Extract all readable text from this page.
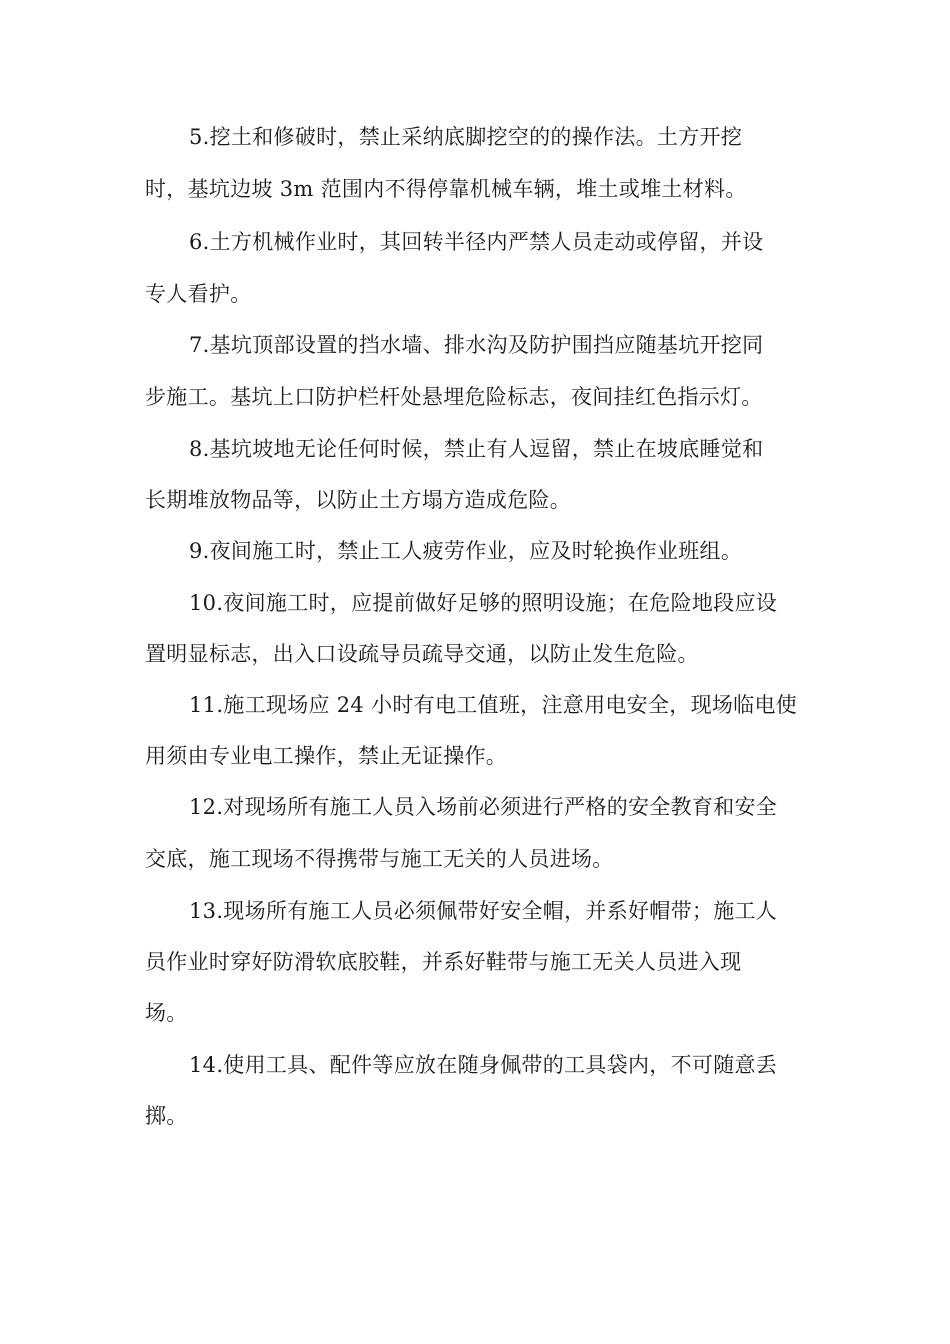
5.挖土和修破时，禁止采纳底脚挖空的的操作法。土方开挖
时，基坑边坡 3m 范围内不得停靠机械车辆，堆土或堆土材料。
6.土方机械作业时，其回转半径内严禁人员走动或停留，并设
专人看护。
7.基坑顶部设置的挡水墙、排水沟及防护围挡应随基坑开挖同
步施工。基坑上口防护栏杆处悬埋危险标志，夜间挂红色指示灯。
8.基坑坡地无论任何时候，禁止有人逗留，禁止在坡底睡觉和
长期堆放物品等，以防止土方塌方造成危险。
9.夜间施工时，禁止工人疲劳作业，应及时轮换作业班组。
10.夜间施工时，应提前做好足够的照明设施；在危险地段应设
置明显标志，出入口设疏导员疏导交通，以防止发生危险。
11.施工现场应 24 小时有电工值班，注意用电安全，现场临电使
用须由专业电工操作，禁止无证操作。
12.对现场所有施工人员入场前必须进行严格的安全教育和安全
交底，施工现场不得携带与施工无关的人员进场。
13.现场所有施工人员必须佩带好安全帽，并系好帽带；施工人
员作业时穿好防滑软底胶鞋，并系好鞋带与施工无关人员进入现
场。
14.使用工具、配件等应放在随身佩带的工具袋内，不可随意丢
掷。
